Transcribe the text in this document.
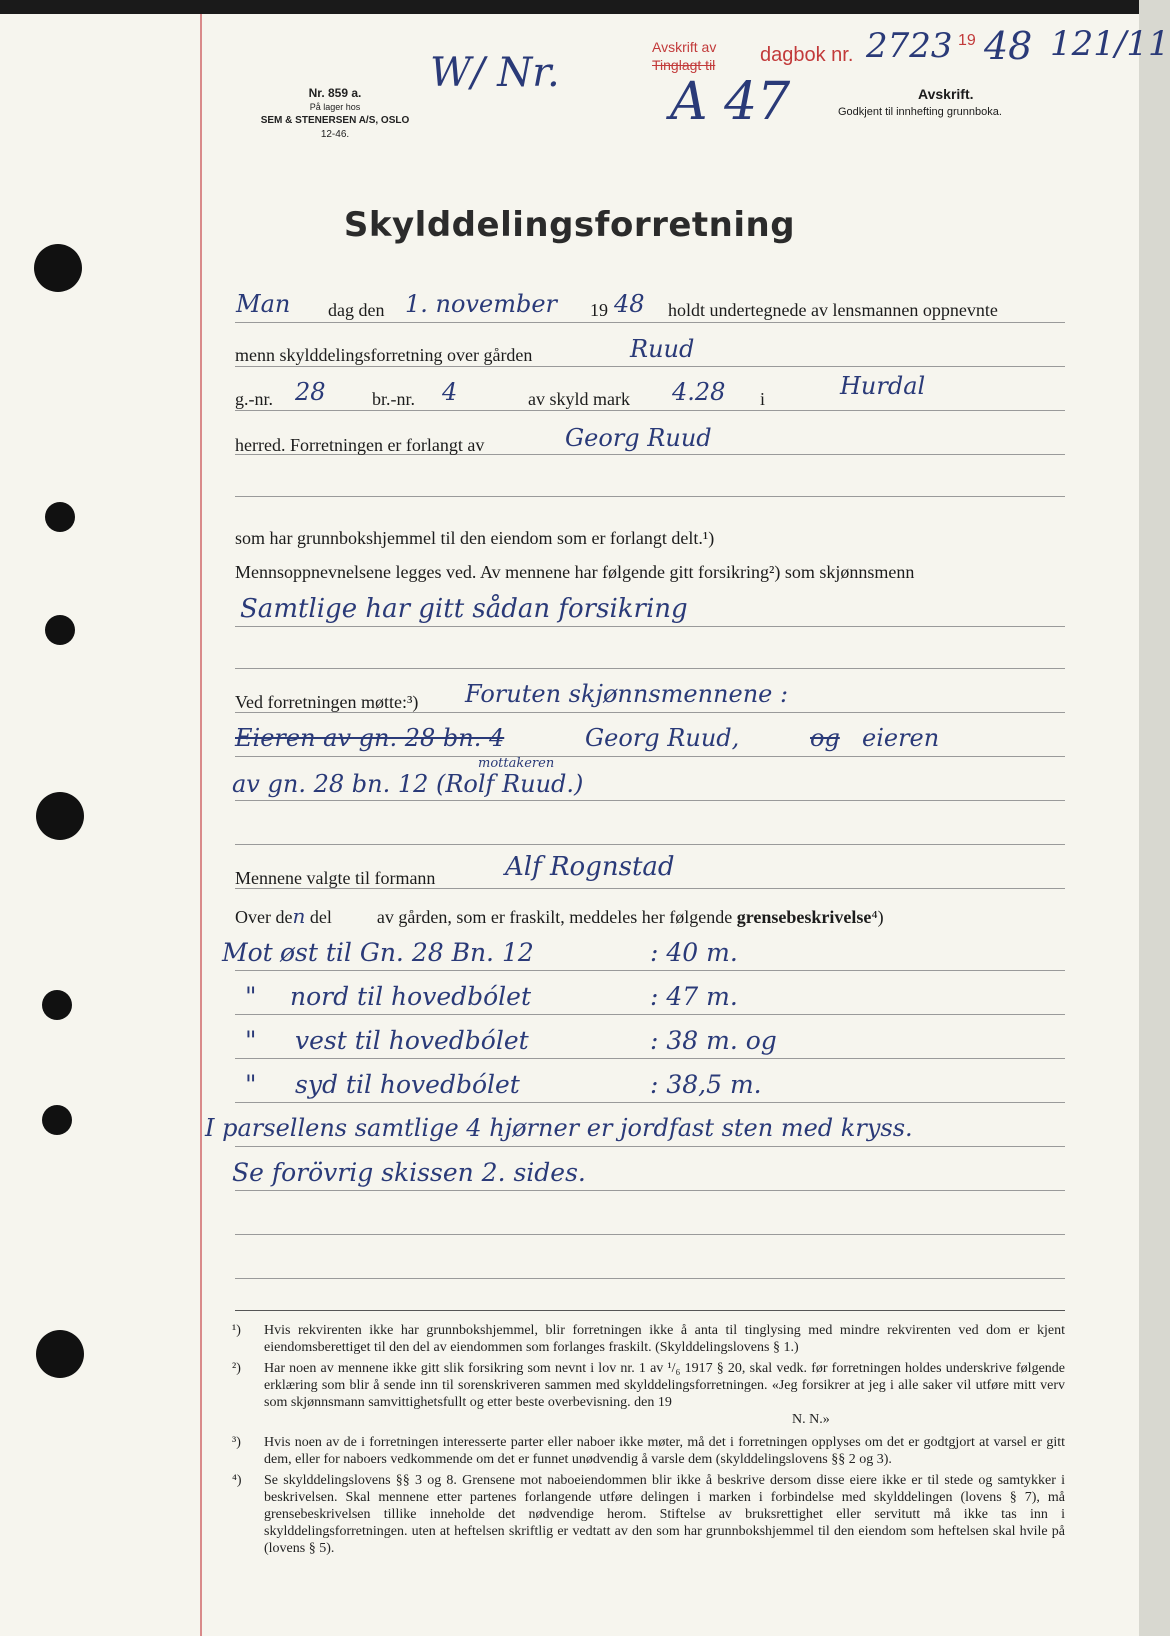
Nr. 859 a.
På lager hos
SEM & STENERSEN A/S, OSLO
12-46.
W/ Nr.
Avskrift av
Tinglagt til dagbok nr. 2723 19 48 121/11
A 47	Avskrift.
Godkjent til innhefting grunnboka.
Skylddelingsforretning
Man dag den 1. november 19 48 holdt undertegnede av lensmannen oppnevnte
menn skylddelingsforretning over gården	Ruud
g.-nr. 28	br.-nr. 4	av skyld mark 4.28 i	Hurdal
herred. Forretningen er forlangt av	Georg Ruud
som har grunnbokshjemmel til den eiendom som er forlangt delt.¹)
Mennsoppnevnelsene legges ved. Av mennene har følgende gitt forsikring²) som skjønnsmenn
Samtlige har gitt sådan forsikring
Ved forretningen møtte:³) Foruten skjønnsmennene :
Eieren av gn. 28 bn. 4	Georg Ruud,	og eieren
mottakeren
av gn. 28 bn. 12 (Rolf Ruud.)
Mennene valgte til formann	Alf Rognstad
Over den del          av gården, som er fraskilt, meddeles her følgende grensebeskrivelse⁴)
Mot øst til Gn. 28 Bn. 12	: 40 m.
" nord til hovedbólet	: 47 m.
" vest til hovedbólet	: 38 m. og
" syd til hovedbólet	: 38,5 m.
I parsellens samtlige 4 hjørner er jordfast sten med kryss.
Se forövrig skissen 2. sides.
¹)	Hvis rekvirenten ikke har grunnbokshjemmel, blir forretningen ikke å anta til tinglysing med mindre rekvirenten ved dom er kjent eiendomsberettiget til den del av eiendommen som forlanges fraskilt. (Skylddelingslovens § 1.)
²)	Har noen av mennene ikke gitt slik forsikring som nevnt i lov nr. 1 av ¹/₆ 1917 § 20, skal vedk. før forretningen holdes underskrive følgende erklæring som blir å sende inn til sorenskriveren sammen med skylddelingsforretningen. «Jeg forsikrer at jeg i alle saker vil utføre mitt verv som skjønnsmann samvittighetsfullt og etter beste overbevisning. den 19
N. N.»
³)	Hvis noen av de i forretningen interesserte parter eller naboer ikke møter, må det i forretningen opplyses om det er godtgjort at varsel er gitt dem, eller for naboers vedkommende om det er funnet unødvendig å varsle dem (skylddelingslovens §§ 2 og 3).
⁴)	Se skylddelingslovens §§ 3 og 8. Grensene mot naboeiendommen blir ikke å beskrive dersom disse eiere ikke er til stede og samtykker i beskrivelsen. Skal mennene etter partenes forlangende utføre delingen i marken i forbindelse med skylddelingen (lovens § 7), må grensebeskrivelsen tillike inneholde det nødvendige herom. Stiftelse av bruksrettighet eller servitutt må ikke tas inn i skylddelingsforretningen. uten at heftelsen skriftlig er vedtatt av den som har grunnbokshjemmel til den eiendom som heftelsen skal hvile på (lovens § 5).
